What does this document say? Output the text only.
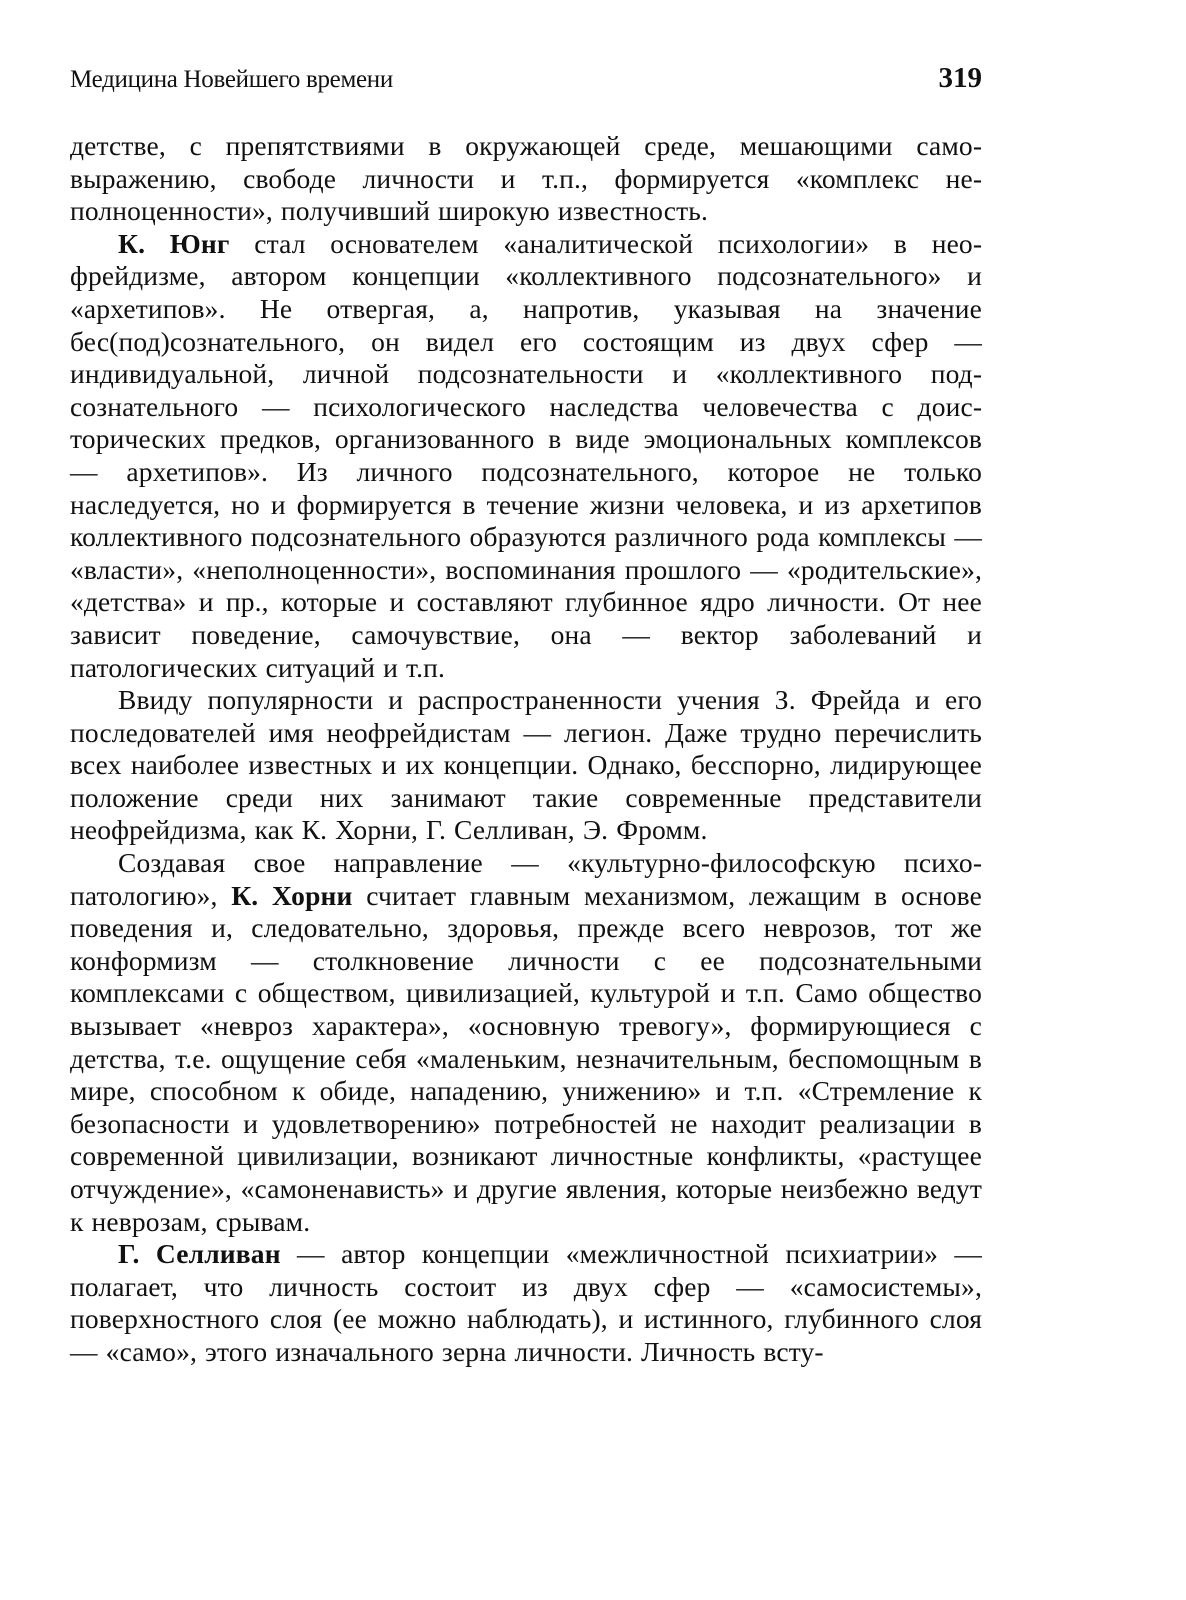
Медицина Новейшего времени	319

детстве, с препятствиями в окружающей среде, мешающими самовыражению, свободе личности и т.п., формируется «комплекс неполноценности», получивший широкую известность.

К. Юнг стал основателем «аналитической психологии» в неофрейдизме, автором концепции «коллективного подсознательного» и «архетипов». Не отвергая, а, напротив, указывая на значение бес(под)сознательного, он видел его состоящим из двух сфер — индивидуальной, личной подсознательности и «коллективного подсознательного — психологического наследства человечества с доисторических предков, организованного в виде эмоциональных комплексов — архетипов». Из личного подсознательного, которое не только наследуется, но и формируется в течение жизни человека, и из архетипов коллективного подсознательного образуются различного рода комплексы — «власти», «неполноценности», воспоминания прошлого — «родительские», «детства» и пр., которые и составляют глубинное ядро личности. От нее зависит поведение, самочувствие, она — вектор заболеваний и патологических ситуаций и т.п.

Ввиду популярности и распространенности учения З. Фрейда и его последователей имя неофрейдистам — легион. Даже трудно перечислить всех наиболее известных и их концепции. Однако, бесспорно, лидирующее положение среди них занимают такие современные представители неофрейдизма, как К. Хорни, Г. Селливан, Э. Фромм.

Создавая свое направление — «культурно-философскую психопатологию», К. Хорни считает главным механизмом, лежащим в основе поведения и, следовательно, здоровья, прежде всего неврозов, тот же конформизм — столкновение личности с ее подсознательными комплексами с обществом, цивилизацией, культурой и т.п. Само общество вызывает «невроз характера», «основную тревогу», формирующиеся с детства, т.е. ощущение себя «маленьким, незначительным, беспомощным в мире, способном к обиде, нападению, унижению» и т.п. «Стремление к безопасности и удовлетворению» потребностей не находит реализации в современной цивилизации, возникают личностные конфликты, «растущее отчуждение», «самоненависть» и другие явления, которые неизбежно ведут к неврозам, срывам.

Г. Селливан — автор концепции «межличностной психиатрии» — полагает, что личность состоит из двух сфер — «самосистемы», поверхностного слоя (ее можно наблюдать), и истинного, глубинного слоя — «само», этого изначального зерна личности. Личность всту-
